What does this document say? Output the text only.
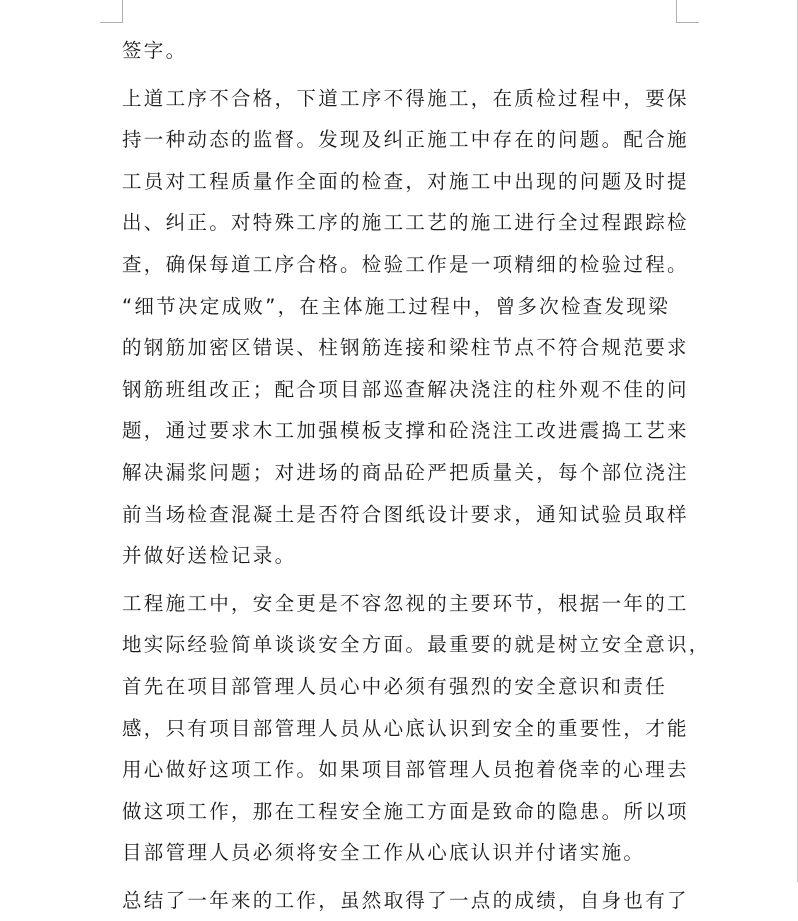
签字。
上道工序不合格，下道工序不得施工，在质检过程中，要保
持一种动态的监督。发现及纠正施工中存在的问题。配合施
工员对工程质量作全面的检查，对施工中出现的问题及时提
出、纠正。对特殊工序的施工工艺的施工进行全过程跟踪检
查，确保每道工序合格。检验工作是一项精细的检验过程。
“细节决定成败”，在主体施工过程中，曾多次检查发现梁
的钢筋加密区错误、柱钢筋连接和梁柱节点不符合规范要求
钢筋班组改正；配合项目部巡查解决浇注的柱外观不佳的问
题，通过要求木工加强模板支撑和砼浇注工改进震捣工艺来
解决漏浆问题；对进场的商品砼严把质量关，每个部位浇注
前当场检查混凝土是否符合图纸设计要求，通知试验员取样
并做好送检记录。
工程施工中，安全更是不容忽视的主要环节，根据一年的工
地实际经验简单谈谈安全方面。最重要的就是树立安全意识，
首先在项目部管理人员心中必须有强烈的安全意识和责任
感，只有项目部管理人员从心底认识到安全的重要性，才能
用心做好这项工作。如果项目部管理人员抱着侥幸的心理去
做这项工作，那在工程安全施工方面是致命的隐患。所以项
目部管理人员必须将安全工作从心底认识并付诸实施。
总结了一年来的工作，虽然取得了一点的成绩，自身也有了
